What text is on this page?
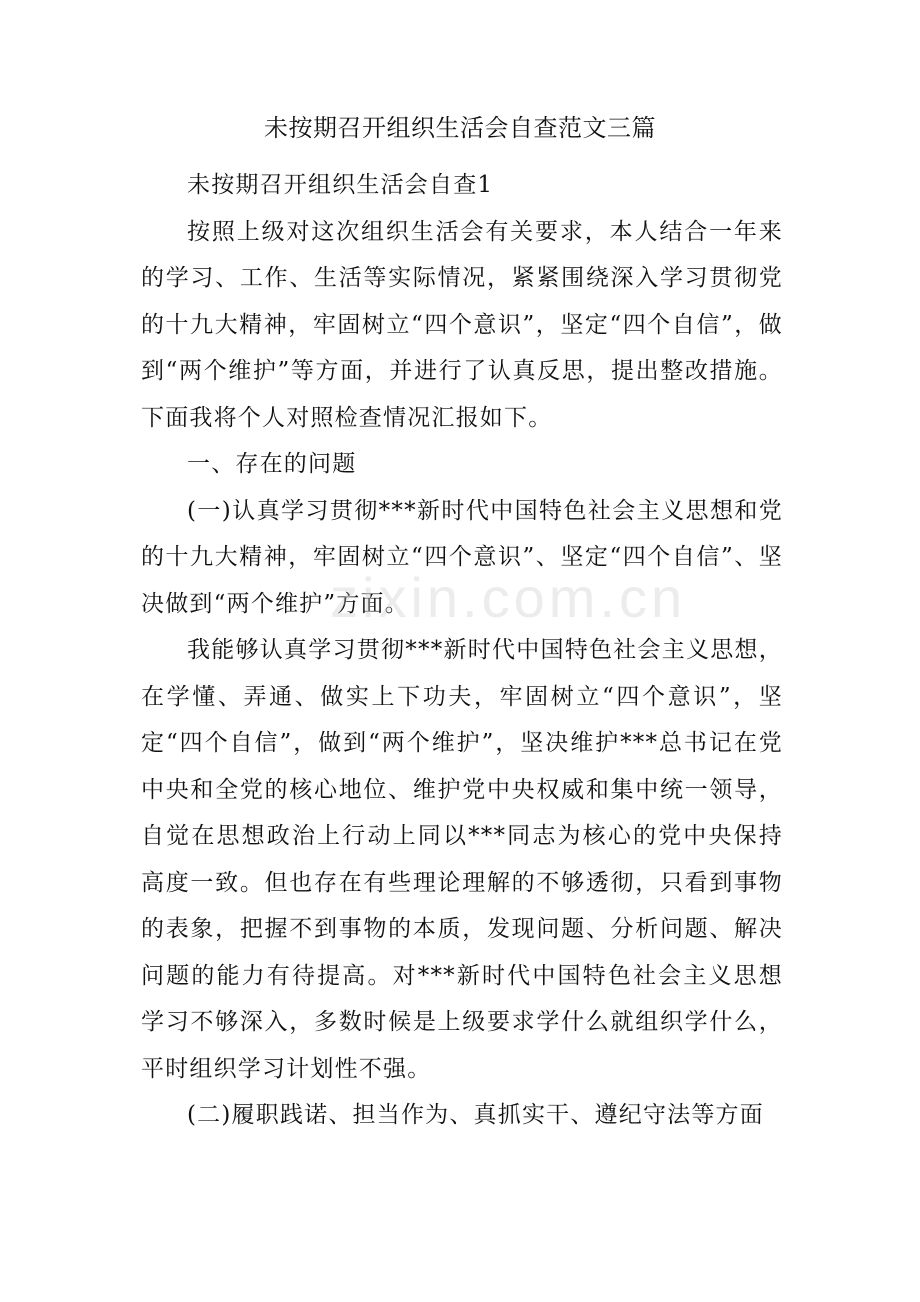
未按期召开组织生活会自查范文三篇

未按期召开组织生活会自查1

按照上级对这次组织生活会有关要求，本人结合一年来的学习、工作、生活等实际情况，紧紧围绕深入学习贯彻党的十九大精神，牢固树立“四个意识”，坚定“四个自信”，做到“两个维护”等方面，并进行了认真反思，提出整改措施。下面我将个人对照检查情况汇报如下。

一、存在的问题

(一)认真学习贯彻***新时代中国特色社会主义思想和党的十九大精神，牢固树立“四个意识”、坚定“四个自信”、坚决做到“两个维护”方面。

我能够认真学习贯彻***新时代中国特色社会主义思想，在学懂、弄通、做实上下功夫，牢固树立“四个意识”，坚定“四个自信”，做到“两个维护”，坚决维护***总书记在党中央和全党的核心地位、维护党中央权威和集中统一领导，自觉在思想政治上行动上同以***同志为核心的党中央保持高度一致。但也存在有些理论理解的不够透彻，只看到事物的表象，把握不到事物的本质，发现问题、分析问题、解决问题的能力有待提高。对***新时代中国特色社会主义思想学习不够深入，多数时候是上级要求学什么就组织学什么，平时组织学习计划性不强。

(二)履职践诺、担当作为、真抓实干、遵纪守法等方面

zixin.com.cn
